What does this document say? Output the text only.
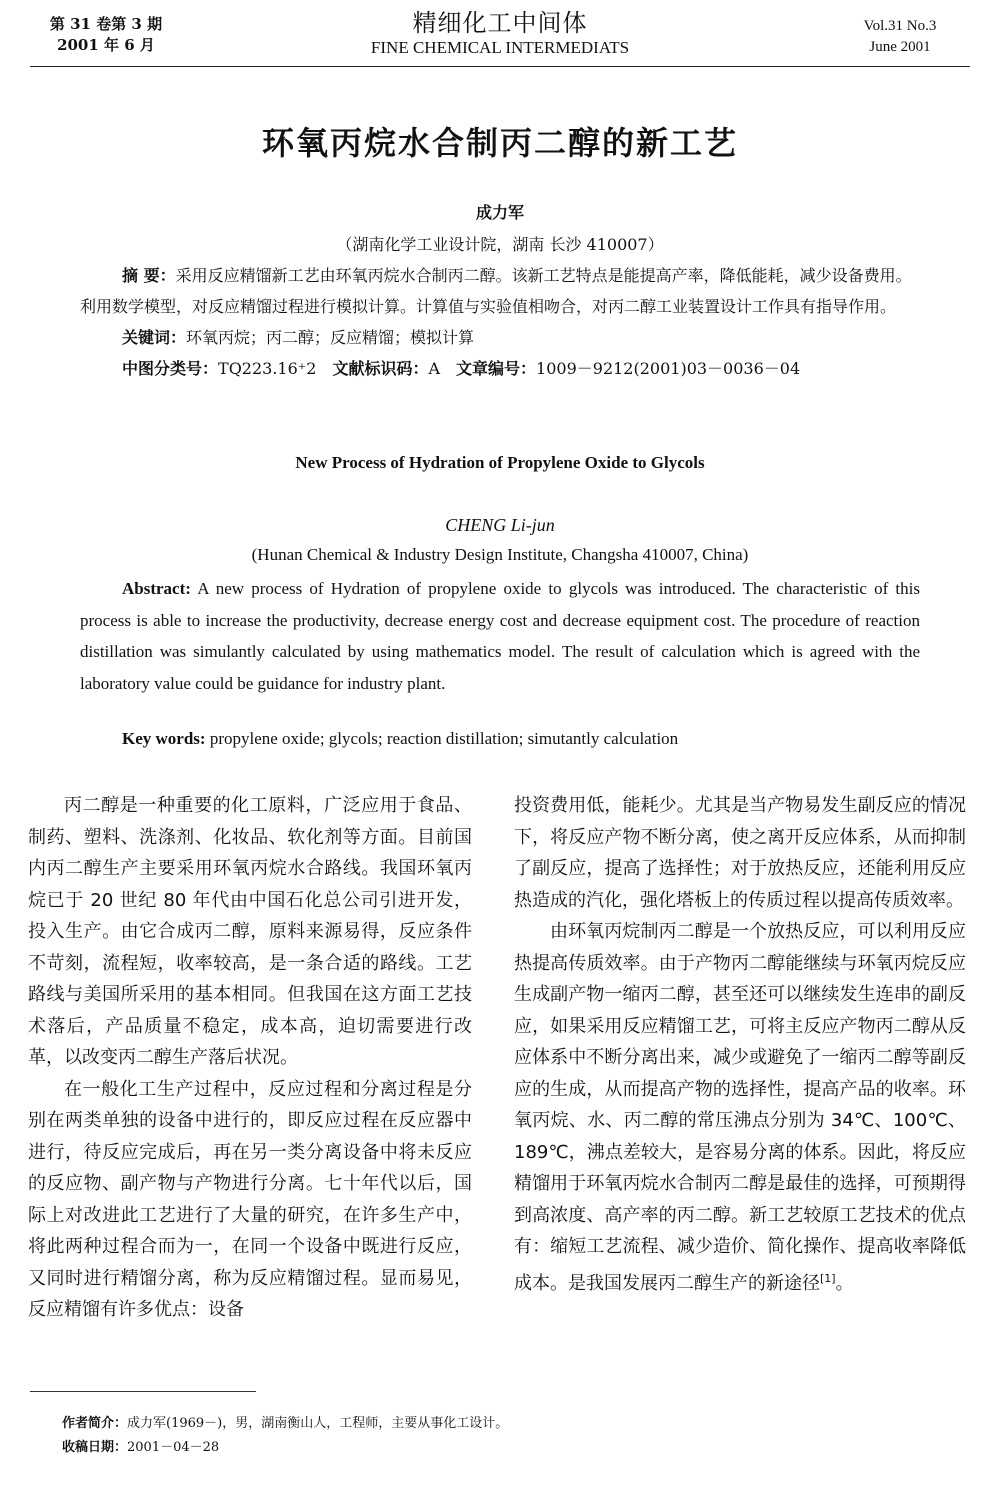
第 31 卷第 3 期
2001 年 6 月
精细化工中间体
FINE CHEMICAL INTERMEDIATS
Vol.31 No.3
June 2001
环氧丙烷水合制丙二醇的新工艺
成力军
（湖南化学工业设计院，湖南 长沙 410007）

摘 要：采用反应精馏新工艺由环氧丙烷水合制丙二醇。该新工艺特点是能提高产率，降低能耗，减少设备费用。利用数学模型，对反应精馏过程进行模拟计算。计算值与实验值相吻合，对丙二醇工业装置设计工作具有指导作用。

关键词：环氧丙烷；丙二醇；反应精馏；模拟计算

中图分类号：TQ223.16⁺2　 文献标识码：A　 文章编号：1009－9212(2001)03－0036－04

New Process of Hydration of Propylene Oxide to Glycols
CHENG Li-jun
(Hunan Chemical & Industry Design Institute, Changsha 410007, China)

Abstract: A new process of Hydration of propylene oxide to glycols was introduced. The characteristic of this process is able to increase the productivity, decrease energy cost and decrease equipment cost. The procedure of reaction distillation was simulantly calculated by using mathematics model. The result of calculation which is agreed with the laboratory value could be guidance for industry plant.

Key words: propylene oxide; glycols; reaction distillation; simutantly calculation

丙二醇是一种重要的化工原料，广泛应用于食品、制药、塑料、洗涤剂、化妆品、软化剂等方面。目前国内丙二醇生产主要采用环氧丙烷水合路线。我国环氧丙烷已于 20 世纪 80 年代由中国石化总公司引进开发，投入生产。由它合成丙二醇，原料来源易得，反应条件不苛刻，流程短，收率较高，是一条合适的路线。工艺路线与美国所采用的基本相同。但我国在这方面工艺技术落后，产品质量不稳定，成本高，迫切需要进行改革，以改变丙二醇生产落后状况。

在一般化工生产过程中，反应过程和分离过程是分别在两类单独的设备中进行的，即反应过程在反应器中进行，待反应完成后，再在另一类分离设备中将未反应的反应物、副产物与产物进行分离。七十年代以后，国际上对改进此工艺进行了大量的研究，在许多生产中，将此两种过程合而为一，在同一个设备中既进行反应，又同时进行精馏分离，称为反应精馏过程。显而易见，反应精馏有许多优点：设备

投资费用低，能耗少。尤其是当产物易发生副反应的情况下，将反应产物不断分离，使之离开反应体系，从而抑制了副反应，提高了选择性；对于放热反应，还能利用反应热造成的汽化，强化塔板上的传质过程以提高传质效率。

由环氧丙烷制丙二醇是一个放热反应，可以利用反应热提高传质效率。由于产物丙二醇能继续与环氧丙烷反应生成副产物一缩丙二醇，甚至还可以继续发生连串的副反应，如果采用反应精馏工艺，可将主反应产物丙二醇从反应体系中不断分离出来，减少或避免了一缩丙二醇等副反应的生成，从而提高产物的选择性，提高产品的收率。环氧丙烷、水、丙二醇的常压沸点分别为 34℃、100℃、189℃，沸点差较大，是容易分离的体系。因此，将反应精馏用于环氧丙烷水合制丙二醇是最佳的选择，可预期得到高浓度、高产率的丙二醇。新工艺较原工艺技术的优点有：缩短工艺流程、减少造价、简化操作、提高收率降低成本。是我国发展丙二醇生产的新途径[1]。

作者简介：成力军(1969－)，男，湖南衡山人，工程师，主要从事化工设计。
收稿日期：2001－04－28
